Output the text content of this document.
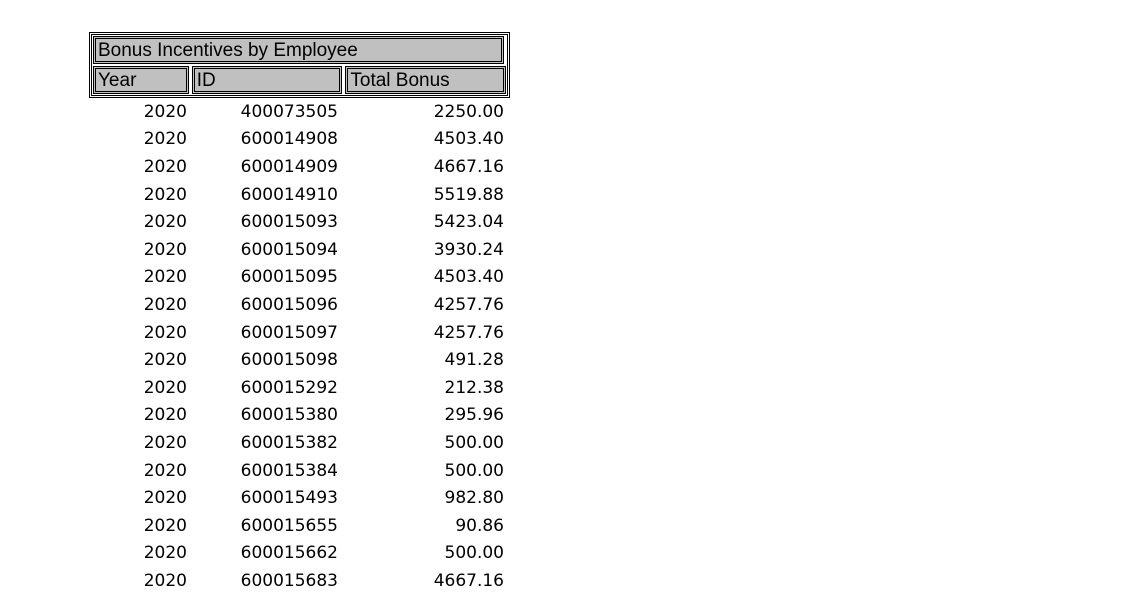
Bonus Incentives by Employee
Year	ID	Total Bonus
2020	400073505	2250.00
2020	600014908	4503.40
2020	600014909	4667.16
2020	600014910	5519.88
2020	600015093	5423.04
2020	600015094	3930.24
2020	600015095	4503.40
2020	600015096	4257.76
2020	600015097	4257.76
2020	600015098	491.28
2020	600015292	212.38
2020	600015380	295.96
2020	600015382	500.00
2020	600015384	500.00
2020	600015493	982.80
2020	600015655	90.86
2020	600015662	500.00
2020	600015683	4667.16
